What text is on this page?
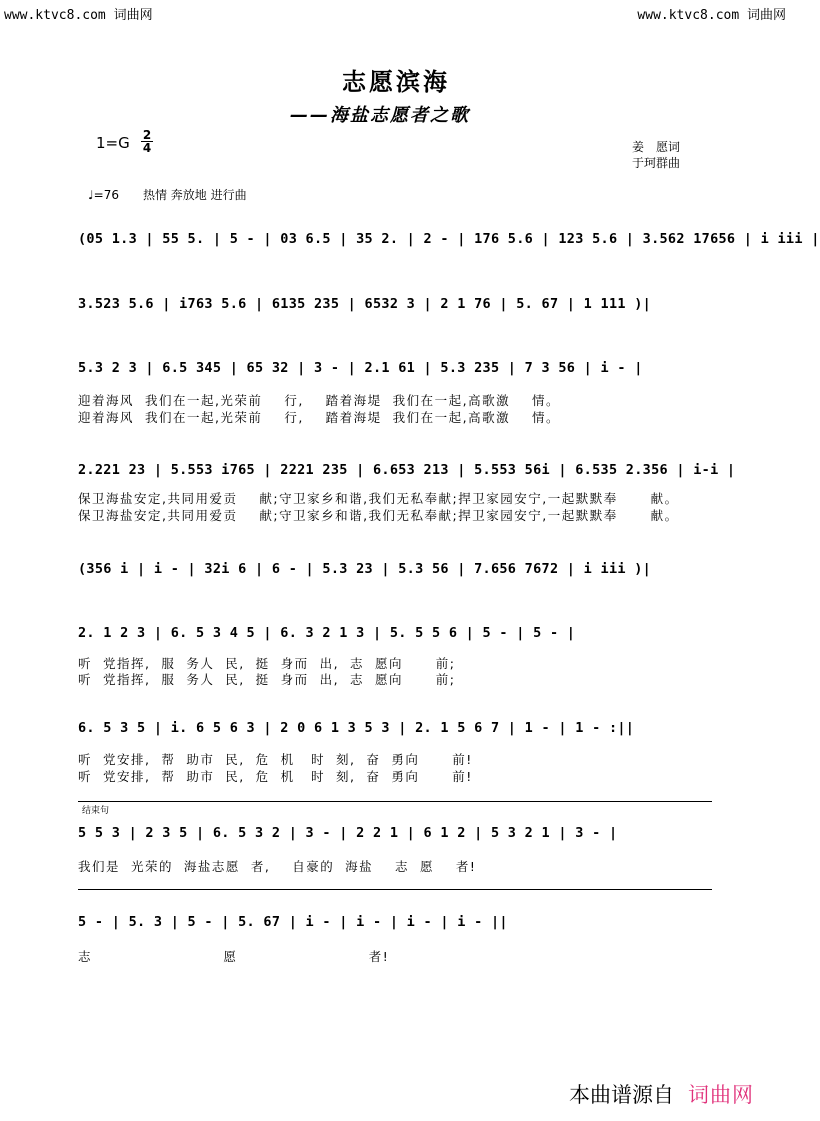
www.ktvc8.com 词曲网	www.ktvc8.com 词曲网
志愿滨海
——海盐志愿者之歌
1=G 2
4	姜　愿词
于珂群曲
♩=76　　热情 奔放地 进行曲
(05 1.3 | 55 5. | 5 - | 03 6.5 | 35 2. | 2 - | 176 5.6 | 123 5.6 | 3.562 17656 | i iii |
3.523 5.6 | i763 5.6 | 6135 235 | 6532 3 | 2 1 76 | 5. 67 | 1 111 )|
5.3 2 3 | 6.5 345 | 65 32 | 3 - | 2.1 61 | 5.3 235 | 7 3 56 | i - |
迎着海风  我们在一起,光荣前    行,    踏着海堤  我们在一起,高歌激    情。
迎着海风  我们在一起,光荣前    行,    踏着海堤  我们在一起,高歌激    情。
2.221 23 | 5.553 i765 | 2221 235 | 6.653 213 | 5.553 56i | 6.535 2.356 | i-i |
保卫海盐安定,共同用爱贡    献;守卫家乡和谐,我们无私奉献;捍卫家园安宁,一起默默奉      献。
保卫海盐安定,共同用爱贡    献;守卫家乡和谐,我们无私奉献;捍卫家园安宁,一起默默奉      献。
(356 i | i - | 32i 6 | 6 - | 5.3 23 | 5.3 56 | 7.656 7672 | i iii )|
2. 1 2 3 | 6. 5 3 4 5 | 6. 3 2 1 3 | 5. 5 5 6 | 5 - | 5 - |
听  党指挥,  服  务人  民,  挺  身而  出,  志  愿向      前;
听  党指挥,  服  务人  民,  挺  身而  出,  志  愿向      前;
6. 5 3 5 | i. 6 5 6 3 | 2 0 6 1 3 5 3 | 2. 1 5 6 7 | 1 - | 1 - :||
听  党安排,  帮  助市  民,  危  机   时  刻,  奋  勇向      前!
听  党安排,  帮  助市  民,  危  机   时  刻,  奋  勇向      前!
结束句
5 5 3 | 2 3 5 | 6. 5 3 2 | 3 - | 2 2 1 | 6 1 2 | 5 3 2 1 | 3 - |
我们是  光荣的  海盐志愿  者,    自豪的  海盐    志  愿    者!
5 - | 5. 3 | 5 - | 5. 67 | i - | i - | i - | i - ||
志                        愿                        者!
本曲谱源自 词曲网
